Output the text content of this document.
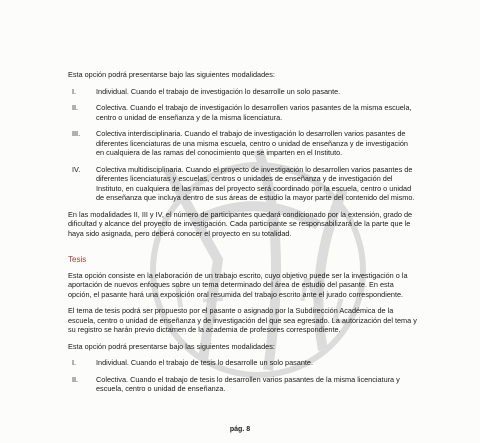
I T N L

Esta opción podrá presentarse bajo las siguientes modalidades:

I.	Individual. Cuando el trabajo de investigación lo desarrolle un solo pasante.
II. Colectiva. Cuando el trabajo de investigación lo desarrollen varios pasantes de la misma escuela, centro o unidad de enseñanza y de la misma licenciatura.
III. Colectiva interdisciplinaria. Cuando el trabajo de investigación lo desarrollen varios pasantes de diferentes licenciaturas de una misma escuela, centro o unidad de enseñanza y de investigación en cualquiera de las ramas del conocimiento que se imparten en el Instituto.
IV. Colectiva multidisciplinaria. Cuando el proyecto de investigación lo desarrollen varios pasantes de diferentes licenciaturas y escuelas, centros o unidades de enseñanza y de investigación del Instituto, en cualquiera de las ramas del proyecto será coordinado por la escuela, centro o unidad de enseñanza que incluya dentro de sus áreas de estudio la mayor parte del contenido del mismo.

En las modalidades II, III y IV, el número de participantes quedará condicionado por la extensión, grado de dificultad y alcance del proyecto de investigación. Cada participante se responsabilizará de la parte que le haya sido asignada, pero deberá conocer el proyecto en su totalidad.

Tesis

Esta opción consiste en la elaboración de un trabajo escrito, cuyo objetivo puede ser la investigación o la aportación de nuevos enfoques sobre un tema determinado del área de estudio del pasante. En esta opción, el pasante hará una exposición oral resumida del trabajo escrito ante el jurado correspondiente.

El tema de tesis podrá ser propuesto por el pasante o asignado por la Subdirección Académica de la escuela, centro o unidad de enseñanza y de investigación del que sea egresado. La autorización del tema y su registro se harán previo dictamen de la academia de profesores correspondiente.

Esta opción podrá presentarse bajo las siguientes modalidades:

I.	Individual. Cuando el trabajo de tesis lo desarrolle un solo pasante.
II. Colectiva. Cuando el trabajo de tesis lo desarrollen varios pasantes de la misma licenciatura y escuela, centro o unidad de enseñanza.
pág. 8
